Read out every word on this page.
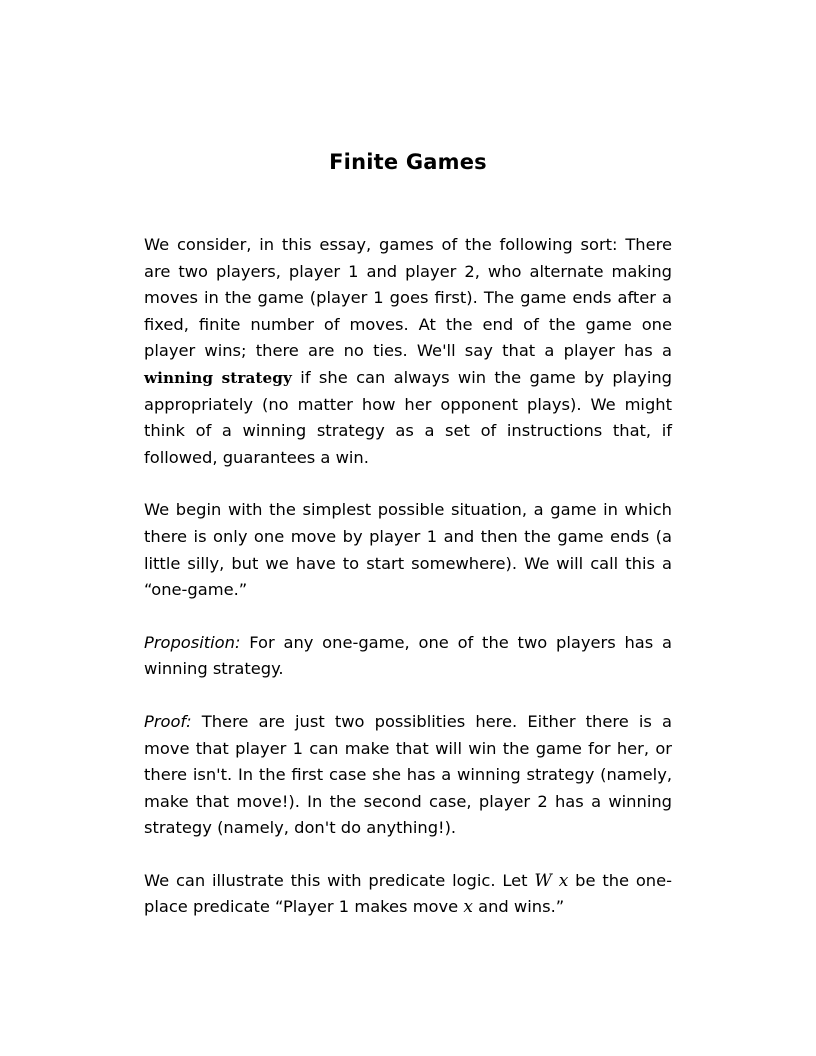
Finite Games

We consider, in this essay, games of the following sort: There are two players, player 1 and player 2, who alternate making moves in the game (player 1 goes first). The game ends after a fixed, finite number of moves. At the end of the game one player wins; there are no ties. We'll say that a player has a winning strategy if she can always win the game by playing appropriately (no matter how her opponent plays). We might think of a winning strategy as a set of instructions that, if followed, guarantees a win.

We begin with the simplest possible situation, a game in which there is only one move by player 1 and then the game ends (a little silly, but we have to start somewhere). We will call this a “one-game.”

Proposition: For any one-game, one of the two players has a winning strategy.

Proof: There are just two possiblities here. Either there is a move that player 1 can make that will win the game for her, or there isn't. In the first case she has a winning strategy (namely, make that move!). In the second case, player 2 has a winning strategy (namely, don't do anything!).

We can illustrate this with predicate logic. Let W x be the one-place predicate “Player 1 makes move x and wins.”
